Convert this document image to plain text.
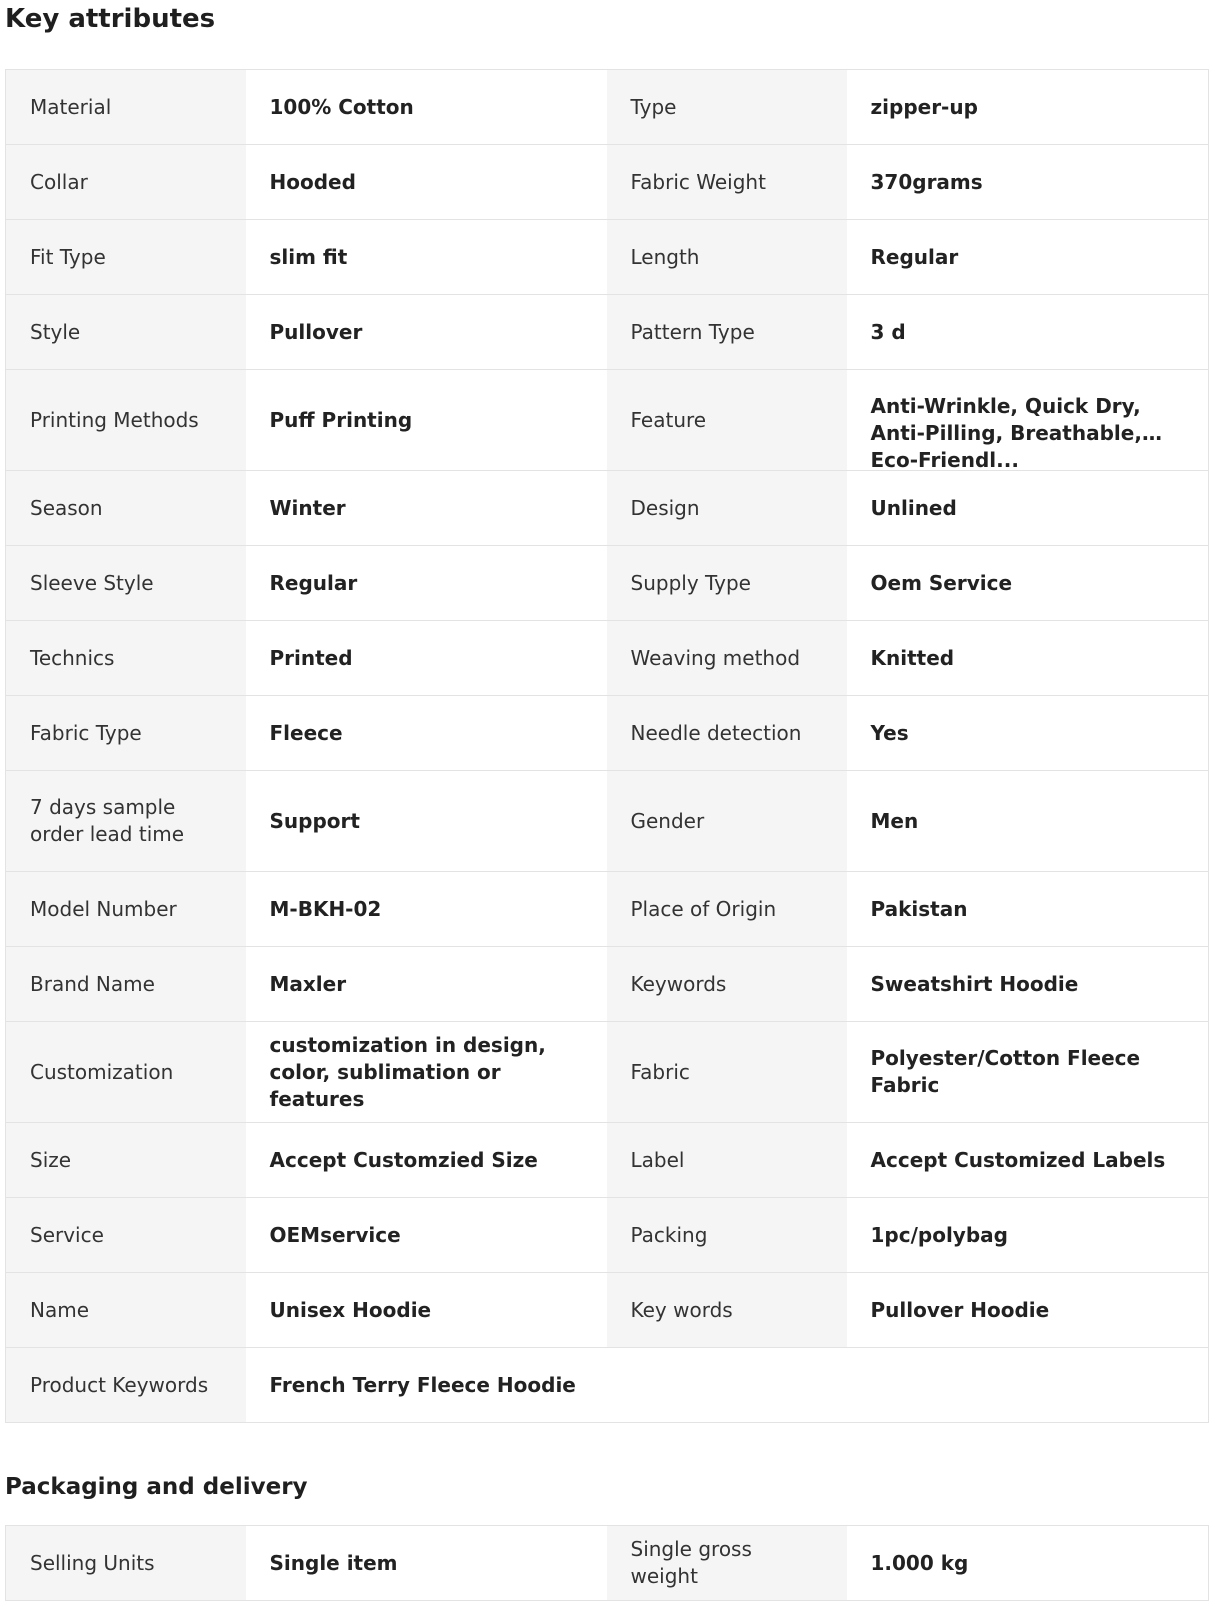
Key attributes
Material	100% Cotton	Type	zipper-up
Collar	Hooded	Fabric Weight	370grams
Fit Type	slim fit	Length	Regular
Style	Pullover	Pattern Type	3 d
Printing Methods	Puff Printing	Feature	Anti-Wrinkle, Quick Dry, Anti-Pilling, Breathable, Eco-Friendl...

Season	Winter	Design	Unlined
Sleeve Style	Regular	Supply Type	Oem Service
Technics	Printed	Weaving method	Knitted
Fabric Type	Fleece	Needle detection	Yes
7 days sample order lead time	Support	Gender	Men
Model Number	M-BKH-02	Place of Origin	Pakistan
Brand Name	Maxler	Keywords	Sweatshirt Hoodie
Customization	customization in design, color, sublimation or features	Fabric	Polyester/Cotton Fleece Fabric
Size	Accept Customzied Size	Label	Accept Customized Labels
Service	OEMservice	Packing	1pc/polybag
Name	Unisex Hoodie	Key words	Pullover Hoodie
Product Keywords	French Terry Fleece Hoodie		
Packaging and delivery
Selling Units	Single item	Single gross weight	1.000 kg
